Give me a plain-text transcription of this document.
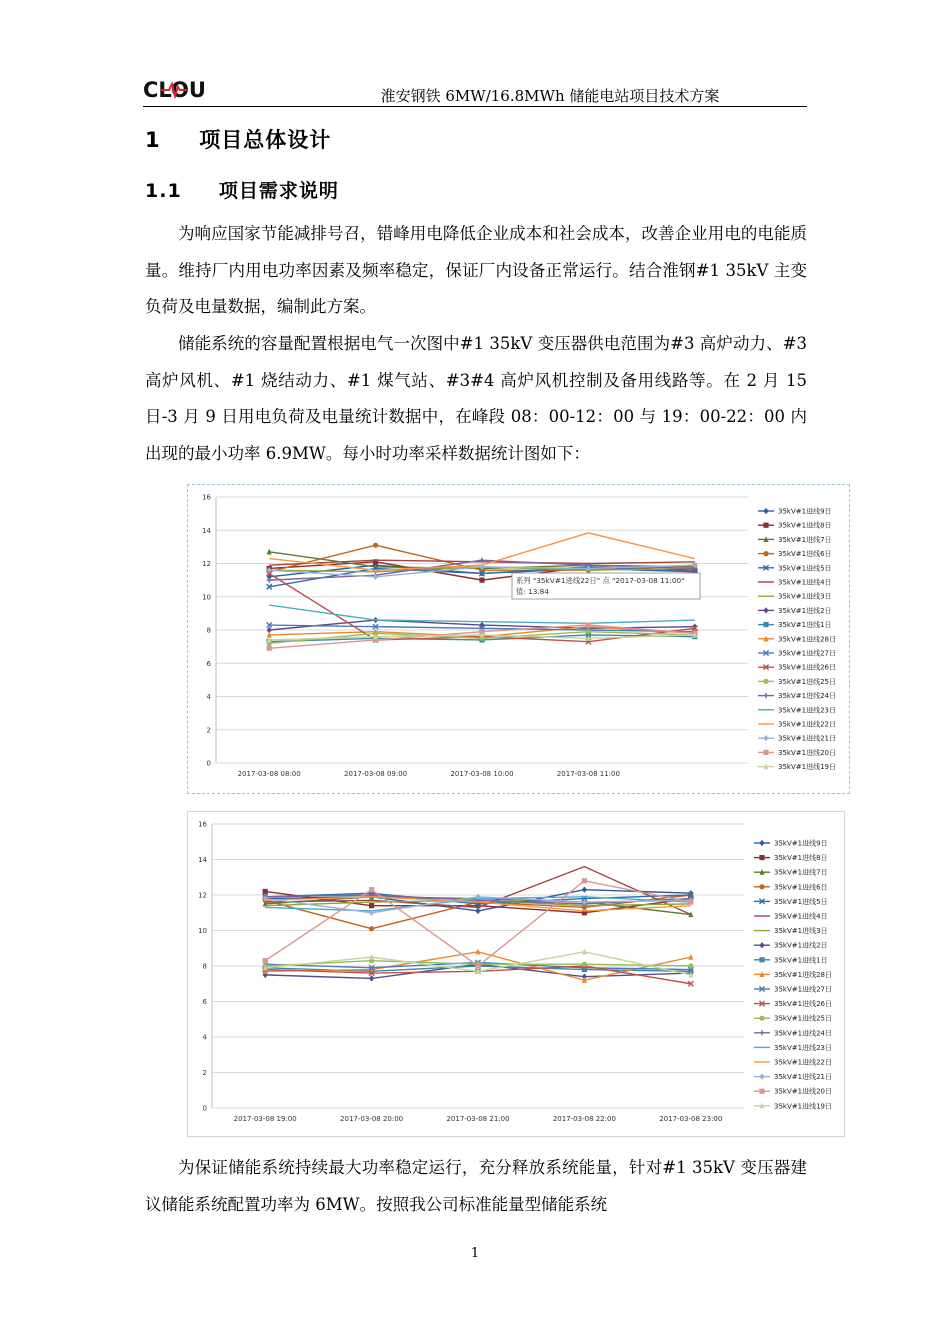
CLOU	淮安钢铁 6MW/16.8MWh 储能电站项目技术方案
1 项目总体设计
1.1 项目需求说明

为响应国家节能减排号召，错峰用电降低企业成本和社会成本，改善企业用电的电能质量。维持厂内用电功率因素及频率稳定，保证厂内设备正常运行。结合淮钢#1 35kV 主变负荷及电量数据，编制此方案。

储能系统的容量配置根据电气一次图中#1 35kV 变压器供电范围为#3 高炉动力、#3 高炉风机、#1 烧结动力、#1 煤气站、#3#4 高炉风机控制及备用线路等。在 2 月 15 日-3 月 9 日用电负荷及电量统计数据中，在峰段 08：00-12：00 与 19：00-22：00 内出现的最小功率 6.9MW。每小时功率采样数据统计图如下：

0
2
4
6
8
10
12
14
16
2017-03-08 08:00	2017-03-08 09:00	2017-03-08 10:00	2017-03-08 11:00
35kV#1进线9日
35kV#1进线8日
35kV#1进线7日
35kV#1进线6日
35kV#1进线5日
35kV#1进线4日
35kV#1进线3日
35kV#1进线2日
35kV#1进线1日
35kV#1进线28日
35kV#1进线27日
35kV#1进线26日
35kV#1进线25日
35kV#1进线24日
35kV#1进线23日
35kV#1进线22日
35kV#1进线21日
35kV#1进线20日
35kV#1进线19日
系列 "35kV#1进线22日" 点 "2017-03-08 11:00"
值: 13.84
0
2
4
6
8
10
12
14
16
2017-03-08 19:00	2017-03-08 20:00	2017-03-08 21:00	2017-03-08 22:00	2017-03-08 23:00
35kV#1进线9日
35kV#1进线8日
35kV#1进线7日
35kV#1进线6日
35kV#1进线5日
35kV#1进线4日
35kV#1进线3日
35kV#1进线2日
35kV#1进线1日
35kV#1进线28日
35kV#1进线27日
35kV#1进线26日
35kV#1进线25日
35kV#1进线24日
35kV#1进线23日
35kV#1进线22日
35kV#1进线21日
35kV#1进线20日
35kV#1进线19日

为保证储能系统持续最大功率稳定运行，充分释放系统能量，针对#1 35kV 变压器建议储能系统配置功率为 6MW。按照我公司标准能量型储能系统

1
